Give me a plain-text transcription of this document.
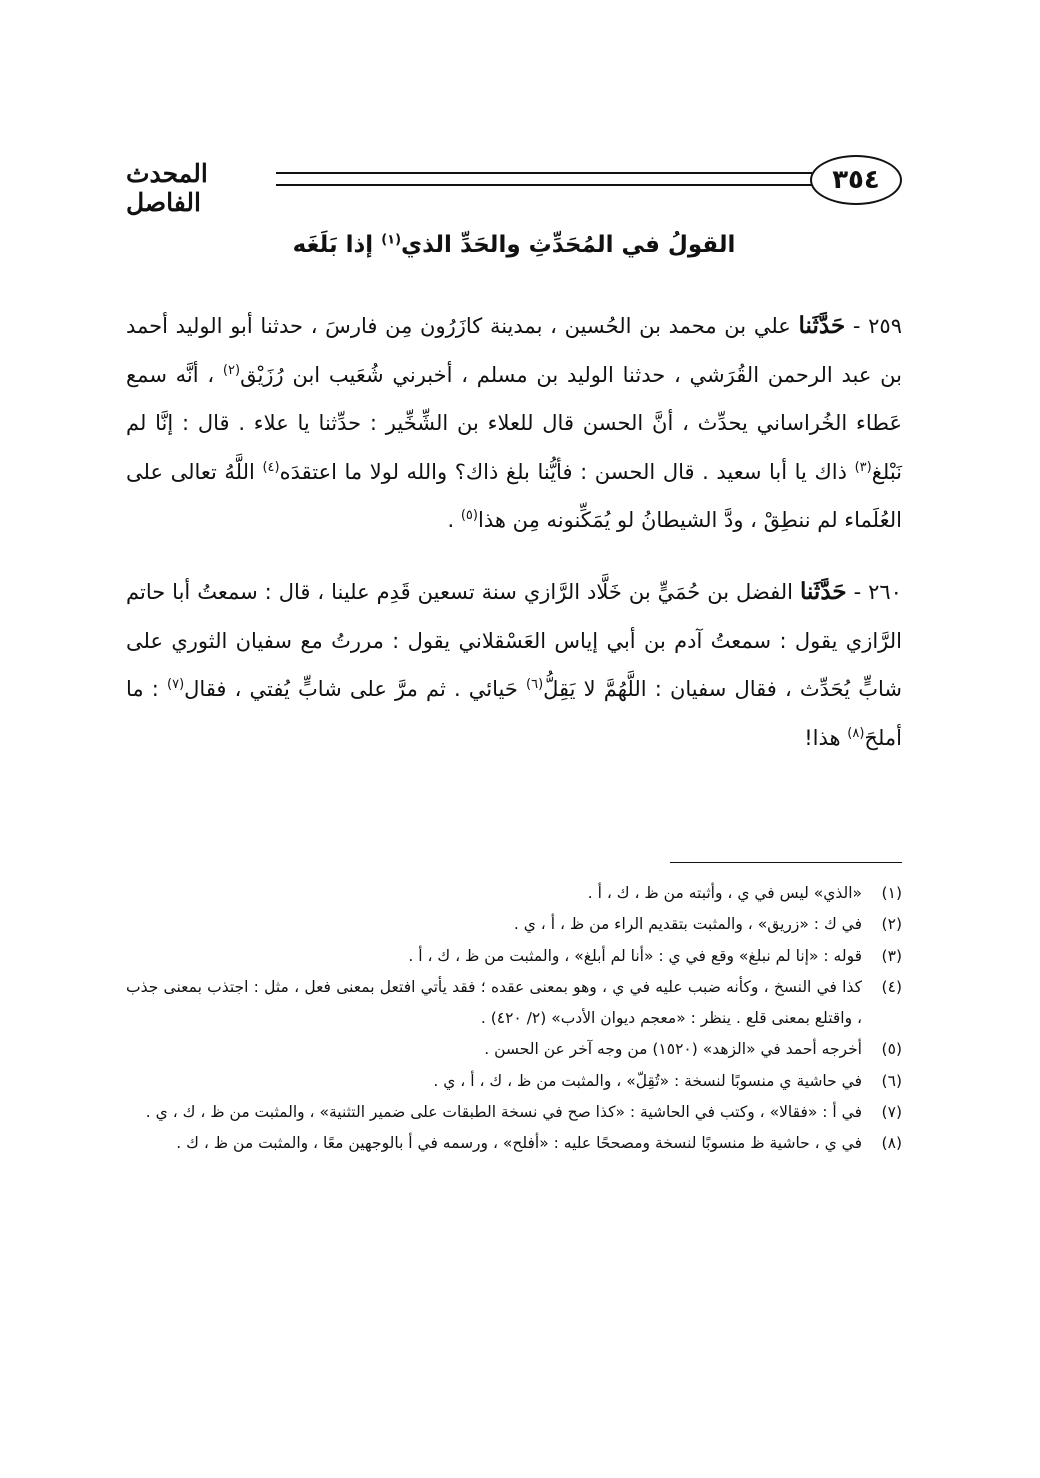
٣٥٤
المحدث الفاصل
القولُ في المُحَدِّثِ والحَدِّ الذي$^{(١)}$ إذا بَلَغَه

٢٥٩ - حَدَّثَنا علي بن محمد بن الحُسين ، بمدينة كازَرُون مِن فارسَ ، حدثنا أبو الوليد أحمد بن عبد الرحمن القُرَشي ، حدثنا الوليد بن مسلم ، أخبرني شُعَيب ابن رُزَيْق$^{(٢)}$ ، أنَّه سمع عَطاء الخُراساني يحدِّث ، أنَّ الحسن قال للعلاء بن الشِّخِّير : حدِّثنا يا علاء . قال : إنَّا لم نَبْلغ$^{(٣)}$ ذاك يا أبا سعيد . قال الحسن : فأيُّنا بلغ ذاك؟ والله لولا ما اعتقدَه$^{(٤)}$ اللَّهُ تعالى على العُلَماء لم ننطِقْ ، ودَّ الشيطانُ لو يُمَكِّنونه مِن هذا$^{(٥)}$ .

٢٦٠ - حَدَّثَنا الفضل بن حُمَيٍّ بن خَلَّاد الرَّازي سنة تسعين قَدِم علينا ، قال : سمعتُ أبا حاتم الرَّازي يقول : سمعتُ آدم بن أبي إياس العَسْقلاني يقول : مررتُ مع سفيان الثوري على شابٍّ يُحَدِّث ، فقال سفيان : اللَّهُمَّ لا يَقِلُّ$^{(٦)}$ حَيائي . ثم مرَّ على شابٍّ يُفتي ، فقال$^{(٧)}$ : ما أملحَ$^{(٨)}$ هذا!

(١)
«الذي» ليس في ي ، وأثبته من ظ ، ك ، أ .
(٢)
في ك : «زريق» ، والمثبت بتقديم الراء من ظ ، أ ، ي .
(٣)
قوله : «إنا لم نبلغ» وقع في ي : «أنا لم أبلغ» ، والمثبت من ظ ، ك ، أ .
(٤)
كذا في النسخ ، وكأنه ضبب عليه في ي ، وهو بمعنى عقده ؛ فقد يأتي افتعل بمعنى فعل ، مثل : اجتذب بمعنى جذب ، واقتلع بمعنى قلع . ينظر : «معجم ديوان الأدب» (٢/ ٤٢٠) .
(٥)
أخرجه أحمد في «الزهد» (١٥٢٠) من وجه آخر عن الحسن .
(٦)
في حاشية ي منسوبًا لنسخة : «تُقِلّ» ، والمثبت من ظ ، ك ، أ ، ي .
(٧)
في أ : «فقالا» ، وكتب في الحاشية : «كذا صح في نسخة الطبقات على ضمير التثنية» ، والمثبت من ظ ، ك ، ي .
(٨)
في ي ، حاشية ظ منسوبًا لنسخة ومصححًا عليه : «أفلح» ، ورسمه في أ بالوجهين معًا ، والمثبت من ظ ، ك .
